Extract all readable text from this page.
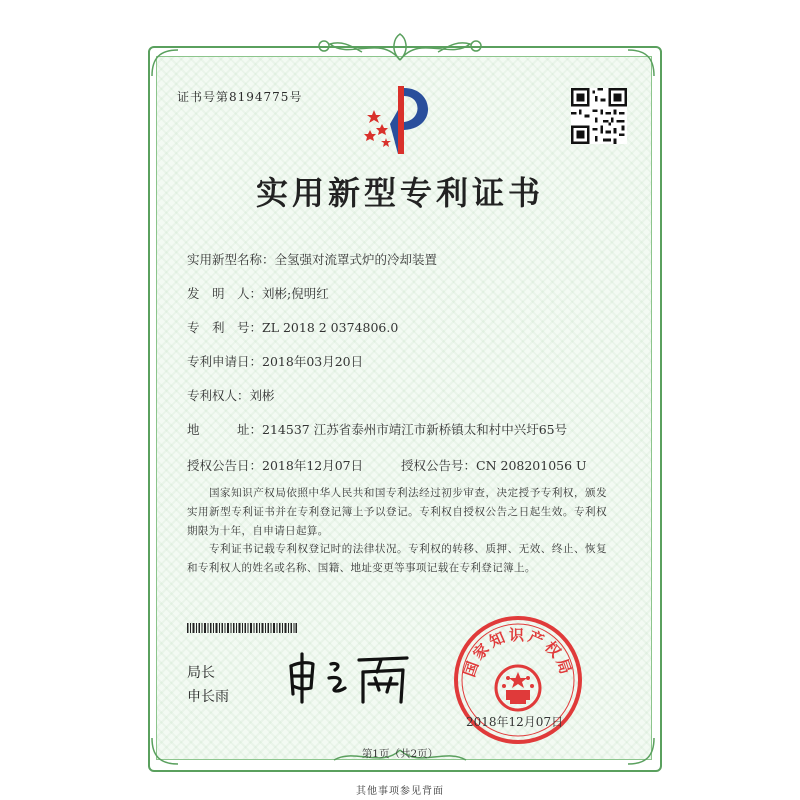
证书号第8194775号
实用新型专利证书
实用新型名称：全氢强对流罩式炉的冷却装置
发　明　人：刘彬;倪明红
专　利　号：ZL 2018 2 0374806.0
专利申请日：2018年03月20日
专利权人：刘彬
地　　　址：214537 江苏省泰州市靖江市新桥镇太和村中兴圩65号
授权公告日：2018年12月07日	授权公告号：CN 208201056 U
国家知识产权局依照中华人民共和国专利法经过初步审查，决定授予专利权，颁发实用新型专利证书并在专利登记簿上予以登记。专利权自授权公告之日起生效。专利权期限为十年，自申请日起算。
专利证书记载专利权登记时的法律状况。专利权的转移、质押、无效、终止、恢复和专利权人的姓名或名称、国籍、地址变更等事项记载在专利登记簿上。
局长
申长雨
国家知识产权局
2018年12月07日
第1页（共2页）
其他事项参见背面
